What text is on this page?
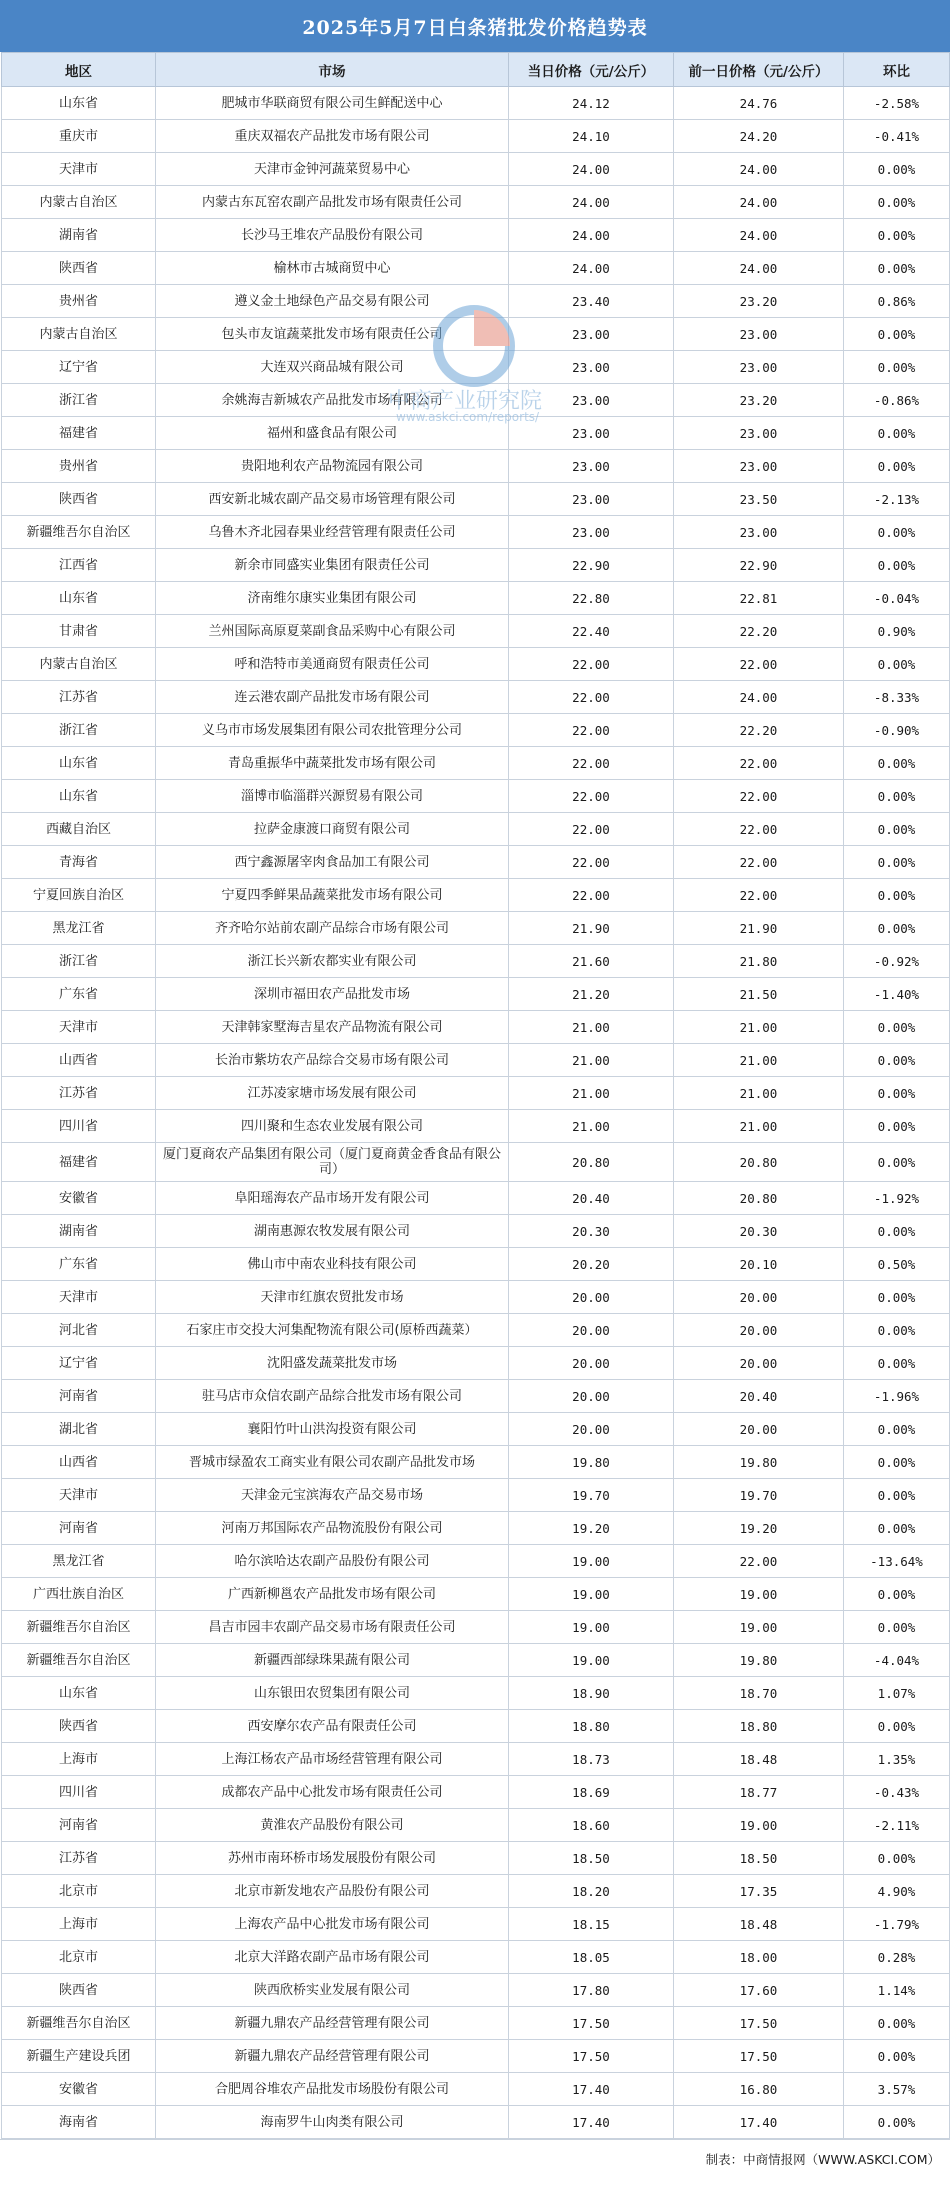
2025年5月7日白条猪批发价格趋势表
地区	市场	当日价格（元/公斤）	前一日价格（元/公斤）	环比
山东省	肥城市华联商贸有限公司生鲜配送中心	24.12	24.76	-2.58%
重庆市	重庆双福农产品批发市场有限公司	24.10	24.20	-0.41%
天津市	天津市金钟河蔬菜贸易中心	24.00	24.00	0.00%
内蒙古自治区	内蒙古东瓦窑农副产品批发市场有限责任公司	24.00	24.00	0.00%
湖南省	长沙马王堆农产品股份有限公司	24.00	24.00	0.00%
陕西省	榆林市古城商贸中心	24.00	24.00	0.00%
贵州省	遵义金土地绿色产品交易有限公司	23.40	23.20	0.86%
内蒙古自治区	包头市友谊蔬菜批发市场有限责任公司	23.00	23.00	0.00%
辽宁省	大连双兴商品城有限公司	23.00	23.00	0.00%
浙江省	余姚海吉新城农产品批发市场有限公司	23.00	23.20	-0.86%
福建省	福州和盛食品有限公司	23.00	23.00	0.00%
贵州省	贵阳地利农产品物流园有限公司	23.00	23.00	0.00%
陕西省	西安新北城农副产品交易市场管理有限公司	23.00	23.50	-2.13%
新疆维吾尔自治区	乌鲁木齐北园春果业经营管理有限责任公司	23.00	23.00	0.00%
江西省	新余市同盛实业集团有限责任公司	22.90	22.90	0.00%
山东省	济南维尔康实业集团有限公司	22.80	22.81	-0.04%
甘肃省	兰州国际高原夏菜副食品采购中心有限公司	22.40	22.20	0.90%
内蒙古自治区	呼和浩特市美通商贸有限责任公司	22.00	22.00	0.00%
江苏省	连云港农副产品批发市场有限公司	22.00	24.00	-8.33%
浙江省	义乌市市场发展集团有限公司农批管理分公司	22.00	22.20	-0.90%
山东省	青岛重振华中蔬菜批发市场有限公司	22.00	22.00	0.00%
山东省	淄博市临淄群兴源贸易有限公司	22.00	22.00	0.00%
西藏自治区	拉萨金康渡口商贸有限公司	22.00	22.00	0.00%
青海省	西宁鑫源屠宰肉食品加工有限公司	22.00	22.00	0.00%
宁夏回族自治区	宁夏四季鲜果品蔬菜批发市场有限公司	22.00	22.00	0.00%
黑龙江省	齐齐哈尔站前农副产品综合市场有限公司	21.90	21.90	0.00%
浙江省	浙江长兴新农都实业有限公司	21.60	21.80	-0.92%
广东省	深圳市福田农产品批发市场	21.20	21.50	-1.40%
天津市	天津韩家墅海吉星农产品物流有限公司	21.00	21.00	0.00%
山西省	长治市紫坊农产品综合交易市场有限公司	21.00	21.00	0.00%
江苏省	江苏凌家塘市场发展有限公司	21.00	21.00	0.00%
四川省	四川聚和生态农业发展有限公司	21.00	21.00	0.00%
福建省	厦门夏商农产品集团有限公司（厦门夏商黄金香食品有限公司）	20.80	20.80	0.00%
安徽省	阜阳瑶海农产品市场开发有限公司	20.40	20.80	-1.92%
湖南省	湖南惠源农牧发展有限公司	20.30	20.30	0.00%
广东省	佛山市中南农业科技有限公司	20.20	20.10	0.50%
天津市	天津市红旗农贸批发市场	20.00	20.00	0.00%
河北省	石家庄市交投大河集配物流有限公司(原桥西蔬菜）	20.00	20.00	0.00%
辽宁省	沈阳盛发蔬菜批发市场	20.00	20.00	0.00%
河南省	驻马店市众信农副产品综合批发市场有限公司	20.00	20.40	-1.96%
湖北省	襄阳竹叶山洪沟投资有限公司	20.00	20.00	0.00%
山西省	晋城市绿盈农工商实业有限公司农副产品批发市场	19.80	19.80	0.00%
天津市	天津金元宝滨海农产品交易市场	19.70	19.70	0.00%
河南省	河南万邦国际农产品物流股份有限公司	19.20	19.20	0.00%
黑龙江省	哈尔滨哈达农副产品股份有限公司	19.00	22.00	-13.64%
广西壮族自治区	广西新柳邕农产品批发市场有限公司	19.00	19.00	0.00%
新疆维吾尔自治区	昌吉市园丰农副产品交易市场有限责任公司	19.00	19.00	0.00%
新疆维吾尔自治区	新疆西部绿珠果蔬有限公司	19.00	19.80	-4.04%
山东省	山东银田农贸集团有限公司	18.90	18.70	1.07%
陕西省	西安摩尔农产品有限责任公司	18.80	18.80	0.00%
上海市	上海江杨农产品市场经营管理有限公司	18.73	18.48	1.35%
四川省	成都农产品中心批发市场有限责任公司	18.69	18.77	-0.43%
河南省	黄淮农产品股份有限公司	18.60	19.00	-2.11%
江苏省	苏州市南环桥市场发展股份有限公司	18.50	18.50	0.00%
北京市	北京市新发地农产品股份有限公司	18.20	17.35	4.90%
上海市	上海农产品中心批发市场有限公司	18.15	18.48	-1.79%
北京市	北京大洋路农副产品市场有限公司	18.05	18.00	0.28%
陕西省	陕西欣桥实业发展有限公司	17.80	17.60	1.14%
新疆维吾尔自治区	新疆九鼎农产品经营管理有限公司	17.50	17.50	0.00%
新疆生产建设兵团	新疆九鼎农产品经营管理有限公司	17.50	17.50	0.00%
安徽省	合肥周谷堆农产品批发市场股份有限公司	17.40	16.80	3.57%
海南省	海南罗牛山肉类有限公司	17.40	17.40	0.00%
制表：中商情报网（WWW.ASKCI.COM）
中商产业研究院
www.askci.com/reports/
